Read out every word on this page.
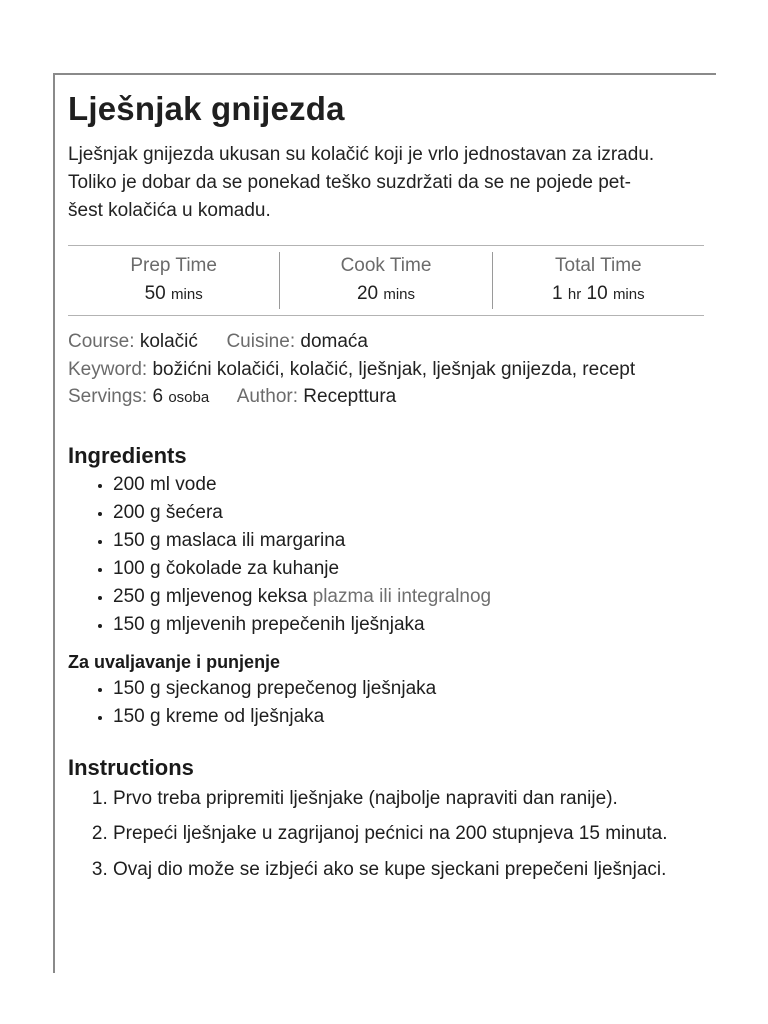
Lješnjak gnijezda

Lješnjak gnijezda ukusan su kolačić koji je vrlo jednostavan za izradu. Toliko je dobar da se ponekad teško suzdržati da se ne pojede pet-šest kolačića u komadu.

Prep Time
50 mins
Cook Time
20 mins
Total Time
1 hr 10 mins
Course: kolačić Cuisine: domaća
Keyword: božićni kolačići, kolačić, lješnjak, lješnjak gnijezda, recept
Servings: 6 osoba Author: Recepttura
Ingredients
• 200 ml vode
• 200 g šećera
• 150 g maslaca ili margarina
• 100 g čokolade za kuhanje
• 250 g mljevenog keksa plazma ili integralnog
• 150 g mljevenih prepečenih lješnjaka
Za uvaljavanje i punjenje
• 150 g sjeckanog prepečenog lješnjaka
• 150 g kreme od lješnjaka
Instructions
1. Prvo treba pripremiti lješnjake (najbolje napraviti dan ranije).
2. Prepeći lješnjake u zagrijanoj pećnici na 200 stupnjeva 15 minuta.
3. Ovaj dio može se izbjeći ako se kupe sjeckani prepečeni lješnjaci.
